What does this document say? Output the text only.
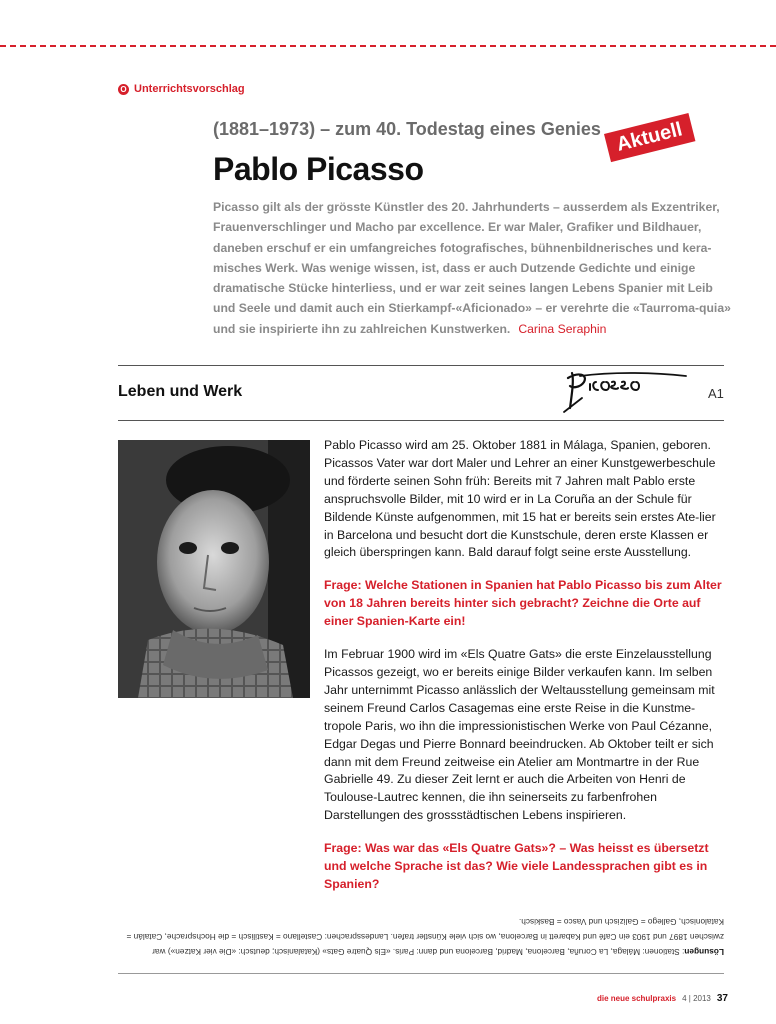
O Unterrichtsvorschlag
(1881–1973) – zum 40. Todestag eines Genies
Pablo Picasso
Aktuell
Picasso gilt als der grösste Künstler des 20. Jahrhunderts – ausserdem als Exzentriker, Frauenverschlinger und Macho par excellence. Er war Maler, Grafiker und Bildhauer, daneben erschuf er ein umfangreiches fotografisches, bühnenbildnerisches und kera-misches Werk. Was wenige wissen, ist, dass er auch Dutzende Gedichte und einige dramatische Stücke hinterliess, und er war zeit seines langen Lebens Spanier mit Leib und Seele und damit auch ein Stierkampf-«Aficionado» – er verehrte die «Taurroma-quia» und sie inspirierte ihn zu zahlreichen Kunstwerken. Carina Seraphin
Leben und Werk	A1

Pablo Picasso wird am 25. Oktober 1881 in Málaga, Spanien, geboren. Picassos Vater war dort Maler und Lehrer an einer Kunstgewerbeschule und förderte seinen Sohn früh: Bereits mit 7 Jahren malt Pablo erste anspruchsvolle Bilder, mit 10 wird er in La Coruña an der Schule für Bildende Künste aufgenommen, mit 15 hat er bereits sein erstes Ate-lier in Barcelona und besucht dort die Kunstschule, deren erste Klassen er gleich überspringen kann. Bald darauf folgt seine erste Ausstellung.

Frage: Welche Stationen in Spanien hat Pablo Picasso bis zum Alter von 18 Jahren bereits hinter sich gebracht? Zeichne die Orte auf einer Spanien-Karte ein!

Im Februar 1900 wird im «Els Quatre Gats» die erste Einzelausstellung Picassos gezeigt, wo er bereits einige Bilder verkaufen kann. Im selben Jahr unternimmt Picasso anlässlich der Weltausstellung gemeinsam mit seinem Freund Carlos Casagemas eine erste Reise in die Kunstme-tropole Paris, wo ihn die impressionistischen Werke von Paul Cézanne, Edgar Degas und Pierre Bonnard beeindrucken. Ab Oktober teilt er sich dann mit dem Freund zeitweise ein Atelier am Montmartre in der Rue Gabrielle 49. Zu dieser Zeit lernt er auch die Arbeiten von Henri de Toulouse-Lautrec kennen, die ihn seinerseits zu farbenfrohen Darstellungen des grossstädtischen Lebens inspirieren.

Frage: Was war das «Els Quatre Gats»? – Was heisst es übersetzt und welche Sprache ist das? Wie viele Landessprachen gibt es in Spanien?

Lösungen: Stationen: Málaga, La Coruña, Barcelona, Madrid, Barcelona und dann: Paris. «Els Quatre Gats» (Katalanisch; deutsch: «Die vier Katzen») war zwischen 1897 und 1903 ein Café und Kabarett in Barcelona, wo sich viele Künstler trafen. Landessprachen: Castellano = Kastilisch = die Hochsprache, Catalán = Katalonisch, Gallego = Galizisch und Vasco = Baskisch.
die neue schulpraxis 4 | 2013 37
